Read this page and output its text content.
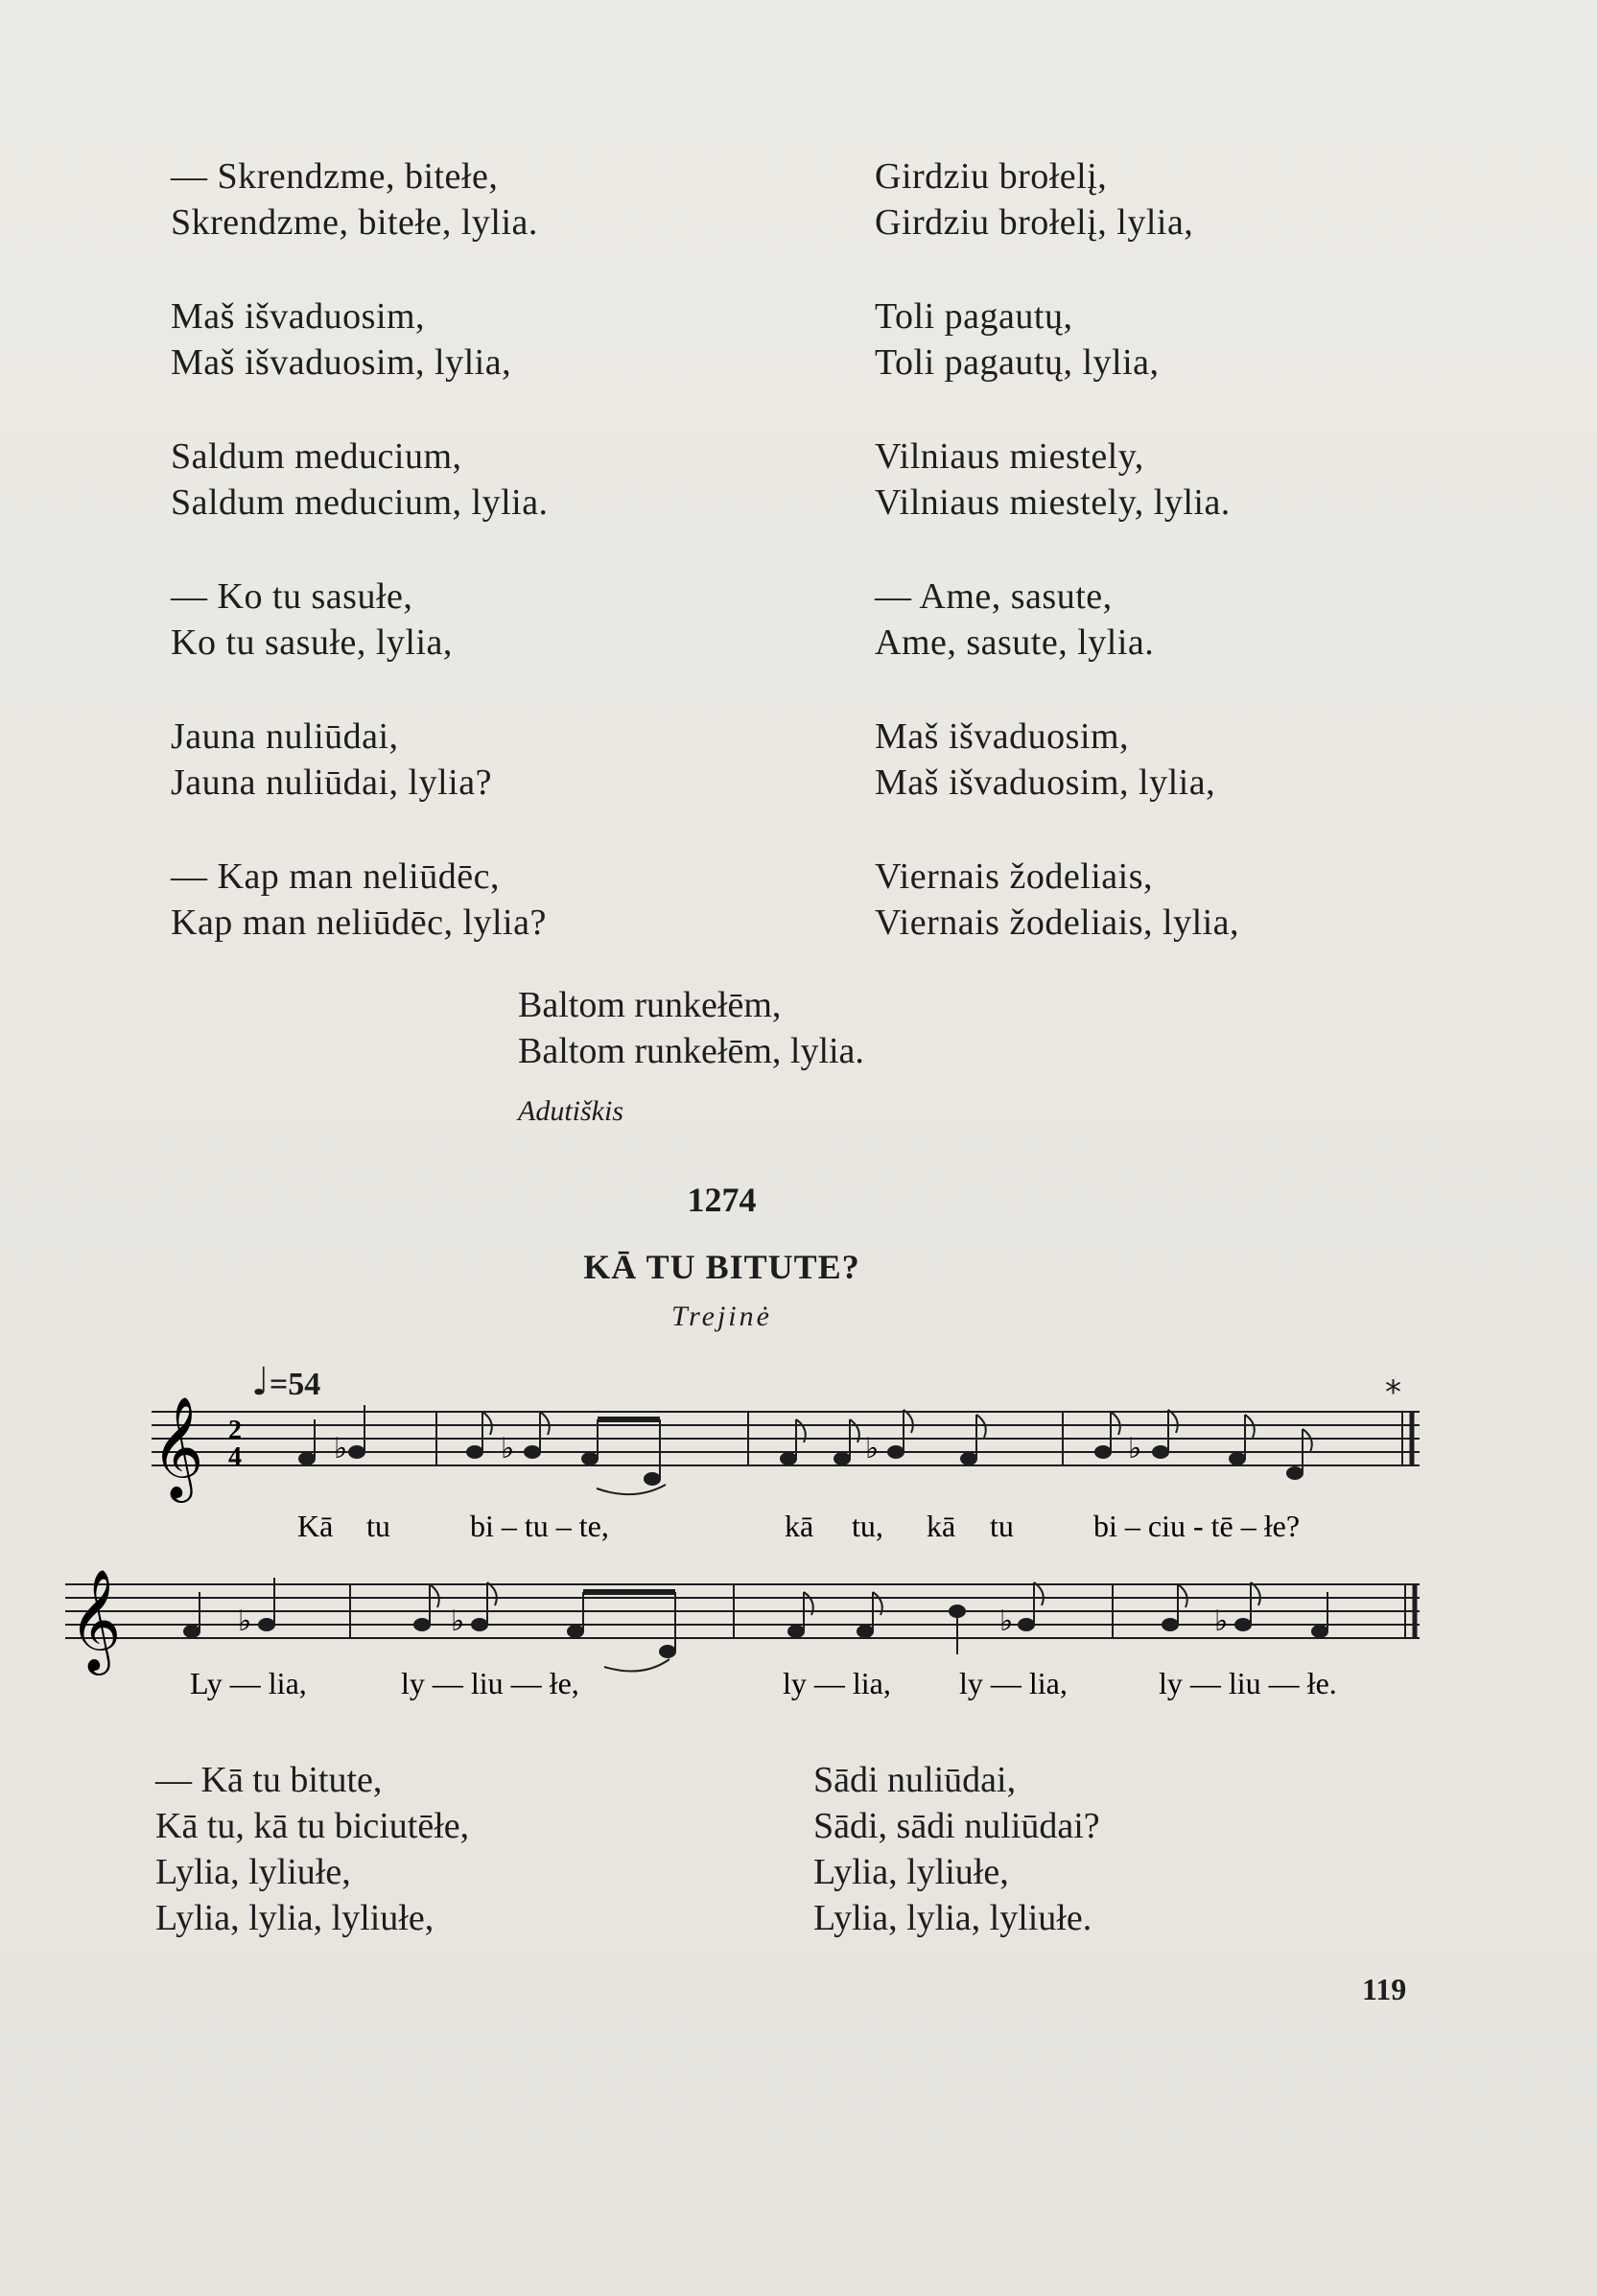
— Skrendzme, bitełe,
Skrendzme, bitełe, lylia.
Maš išvaduosim,
Maš išvaduosim, lylia,
Saldum meducium,
Saldum meducium, lylia.
— Ko tu sasułe,
Ko tu sasułe, lylia,
Jauna nuliūdai,
Jauna nuliūdai, lylia?
— Kap man neliūdēc,
Kap man neliūdēc, lylia?
Girdziu brołelį,
Girdziu brołelį, lylia,
Toli pagautų,
Toli pagautų, lylia,
Vilniaus miestely,
Vilniaus miestely, lylia.
— Ame, sasute,
Ame, sasute, lylia.
Maš išvaduosim,
Maš išvaduosim, lylia,
Viernais žodeliais,
Viernais žodeliais, lylia,
Baltom runkełēm,
Baltom runkełēm, lylia.
Adutiškis
1274
KĀ TU BITUTE?
Trejinė
♩=54	*
𝄞 2
4	♭	♭	♭	♭
Kā tu	bi – tu – te,	kā tu, kā tu	bi – ciu - tē – łe?
𝄞	♭	♭	♭	♭
Ly — lia,	ly — liu — łe,	ly — lia, ly — lia,	ly — liu — łe.
— Kā tu bitute,
Kā tu, kā tu biciutēłe,
Lylia, lyliułe,
Lylia, lylia, lyliułe,
Sādi nuliūdai,
Sādi, sādi nuliūdai?
Lylia, lyliułe,
Lylia, lylia, lyliułe.
119
